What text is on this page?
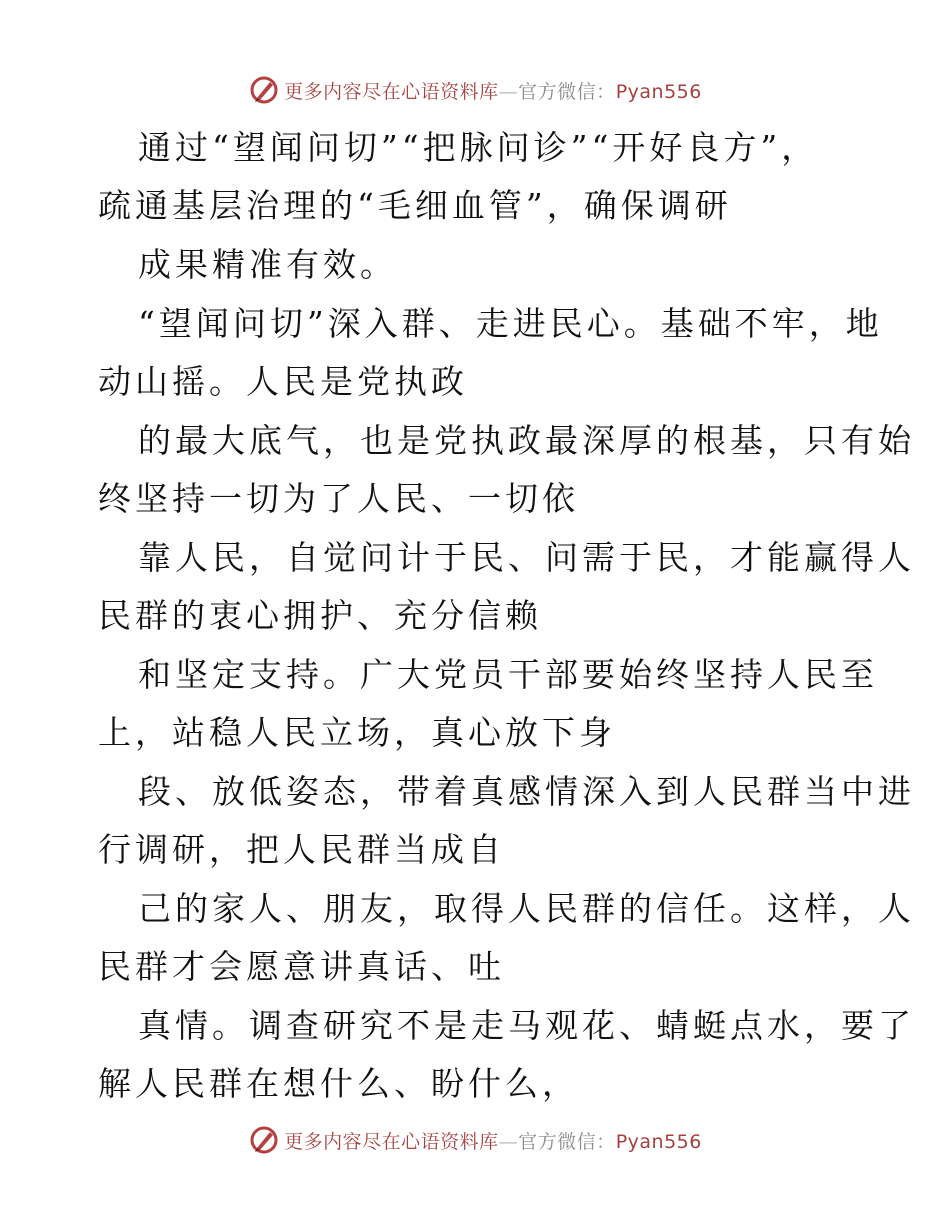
更多内容尽在心语资料库—官方微信：Pyan556
通过“望闻问切”“把脉问诊”“开好良方”，
疏通基层治理的“毛细血管”，确保调研
成果精准有效。
“望闻问切”深入群、走进民心。基础不牢，地
动山摇。人民是党执政
的最大底气，也是党执政最深厚的根基，只有始
终坚持一切为了人民、一切依
靠人民，自觉问计于民、问需于民，才能赢得人
民群的衷心拥护、充分信赖
和坚定支持。广大党员干部要始终坚持人民至
上，站稳人民立场，真心放下身
段、放低姿态，带着真感情深入到人民群当中进
行调研，把人民群当成自
己的家人、朋友，取得人民群的信任。这样，人
民群才会愿意讲真话、吐
真情。调查研究不是走马观花、蜻蜓点水，要了
解人民群在想什么、盼什么，
更多内容尽在心语资料库—官方微信：Pyan556
